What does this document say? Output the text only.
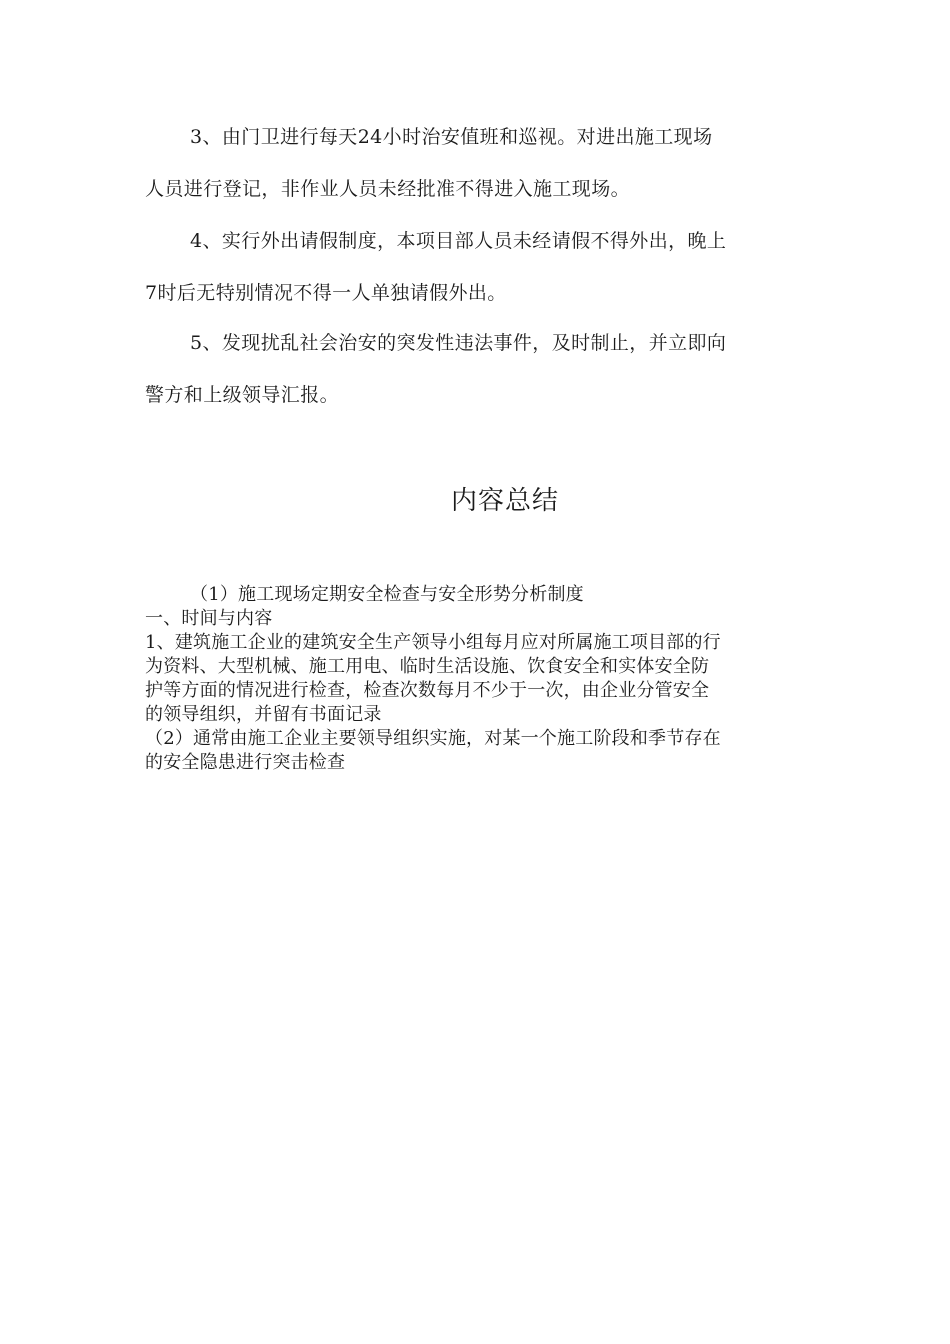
3、由门卫进行每天24小时治安值班和巡视。对进出施工现场
人员进行登记，非作业人员未经批准不得进入施工现场。
4、实行外出请假制度，本项目部人员未经请假不得外出，晚上
7时后无特别情况不得一人单独请假外出。
5、发现扰乱社会治安的突发性违法事件，及时制止，并立即向
警方和上级领导汇报。
内容总结
（1）施工现场定期安全检查与安全形势分析制度
一、时间与内容
1、建筑施工企业的建筑安全生产领导小组每月应对所属施工项目部的行
为资料、大型机械、施工用电、临时生活设施、饮食安全和实体安全防
护等方面的情况进行检查，检查次数每月不少于一次，由企业分管安全
的领导组织，并留有书面记录
（2）通常由施工企业主要领导组织实施，对某一个施工阶段和季节存在
的安全隐患进行突击检查
